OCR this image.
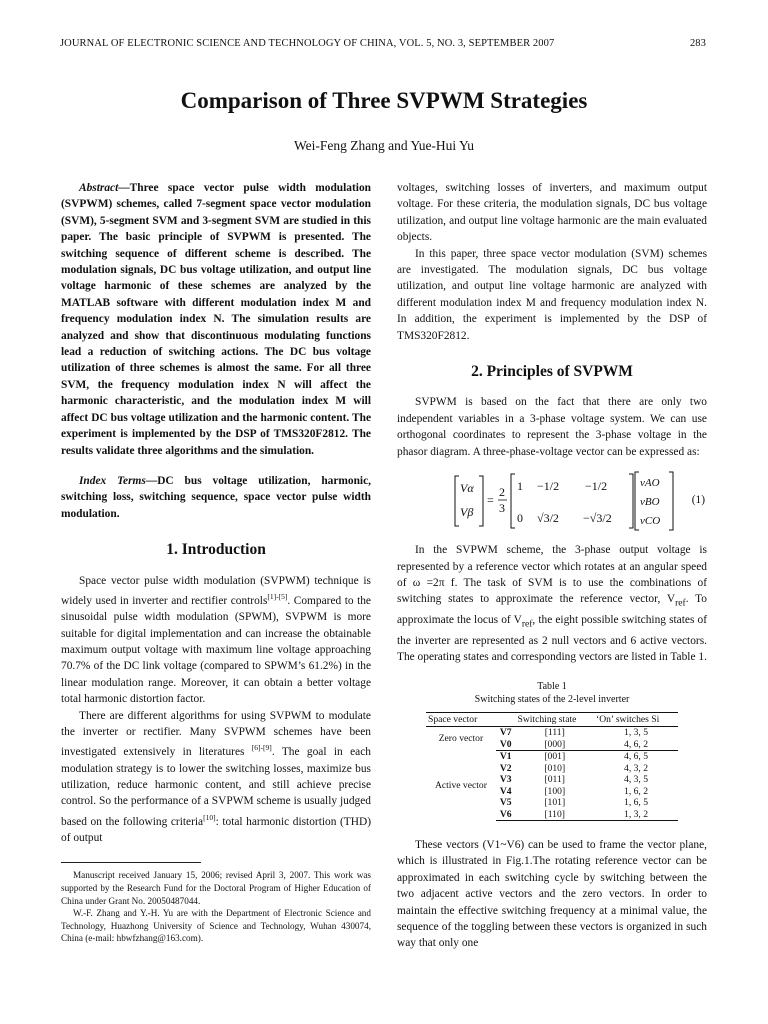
JOURNAL OF ELECTRONIC SCIENCE AND TECHNOLOGY OF CHINA, VOL. 5, NO. 3, SEPTEMBER 2007	283
Comparison of Three SVPWM Strategies
Wei-Feng Zhang and Yue-Hui Yu

Abstract—Three space vector pulse width modulation (SVPWM) schemes, called 7-segment space vector modulation (SVM), 5-segment SVM and 3-segment SVM are studied in this paper. The basic principle of SVPWM is presented. The switching sequence of different scheme is described. The modulation signals, DC bus voltage utilization, and output line voltage harmonic of these schemes are analyzed by the MATLAB software with different modulation index M and frequency modulation index N. The simulation results are analyzed and show that discontinuous modulating functions lead a reduction of switching actions. The DC bus voltage utilization of three schemes is almost the same. For all three SVM, the frequency modulation index N will affect the harmonic characteristic, and the modulation index M will affect DC bus voltage utilization and the harmonic content. The experiment is implemented by the DSP of TMS320F2812. The results validate three algorithms and the simulation.

Index Terms—DC bus voltage utilization, harmonic, switching loss, switching sequence, space vector pulse width modulation.

1. Introduction

Space vector pulse width modulation (SVPWM) technique is widely used in inverter and rectifier controls[1]-[5]. Compared to the sinusoidal pulse width modulation (SPWM), SVPWM is more suitable for digital implementation and can increase the obtainable maximum output voltage with maximum line voltage approaching 70.7% of the DC link voltage (compared to SPWM’s 61.2%) in the linear modulation range. Moreover, it can obtain a better voltage total harmonic distortion factor.

There are different algorithms for using SVPWM to modulate the inverter or rectifier. Many SVPWM schemes have been investigated extensively in literatures [6]-[9]. The goal in each modulation strategy is to lower the switching losses, maximize bus utilization, reduce harmonic content, and still achieve precise control. So the performance of a SVPWM scheme is usually judged based on the following criteria[10]: total harmonic distortion (THD) of output

Manuscript received January 15, 2006; revised April 3, 2007. This work was supported by the Research Fund for the Doctoral Program of Higher Education of China under Grant No. 20050487044.

W.-F. Zhang and Y.-H. Yu are with the Department of Electronic Science and Technology, Huazhong University of Science and Technology, Wuhan 430074, China (e-mail: hbwfzhang@163.com).

voltages, switching losses of inverters, and maximum output voltage. For these criteria, the modulation signals, DC bus voltage utilization, and output line voltage harmonic are the main evaluated objects.

In this paper, three space vector modulation (SVM) schemes are investigated. The modulation signals, DC bus voltage utilization, and output line voltage harmonic are analyzed with different modulation index M and frequency modulation index N. In addition, the experiment is implemented by the DSP of TMS320F2812.

2. Principles of SVPWM

SVPWM is based on the fact that there are only two independent variables in a 3-phase voltage system. We can use orthogonal coordinates to represent the 3-phase voltage in the phasor diagram. A three-phase-voltage vector can be expressed as:

Vα
Vβ
=
2
3
1 −1/2 −1/2
0 √3/2 −√3/2
vAO
vBO
vCO
(1)

In the SVPWM scheme, the 3-phase output voltage is represented by a reference vector which rotates at an angular speed of ω =2π f. The task of SVM is to use the combinations of switching states to approximate the reference vector, $V_{ref}$. To approximate the locus of $V_{ref}$, the eight possible switching states of the inverter are represented as 2 null vectors and 6 active vectors. The operating states and corresponding vectors are listed in Table 1.

Table 1
Switching states of the 2-level inverter
Space vector		Switching state	‘On’ switches Si
Zero vector	V7	[111]	1, 3, 5
	V0	[000]	4, 6, 2
Active vector	V1	[001]	4, 6, 5
	V2	[010]	4, 3, 2
	V3	[011]	4, 3, 5
	V4	[100]	1, 6, 2
	V5	[101]	1, 6, 5
	V6	[110]	1, 3, 2

These vectors (V1~V6) can be used to frame the vector plane, which is illustrated in Fig.1.The rotating reference vector can be approximated in each switching cycle by switching between the two adjacent active vectors and the zero vectors. In order to maintain the effective switching frequency at a minimal value, the sequence of the toggling between these vectors is organized in such way that only one
